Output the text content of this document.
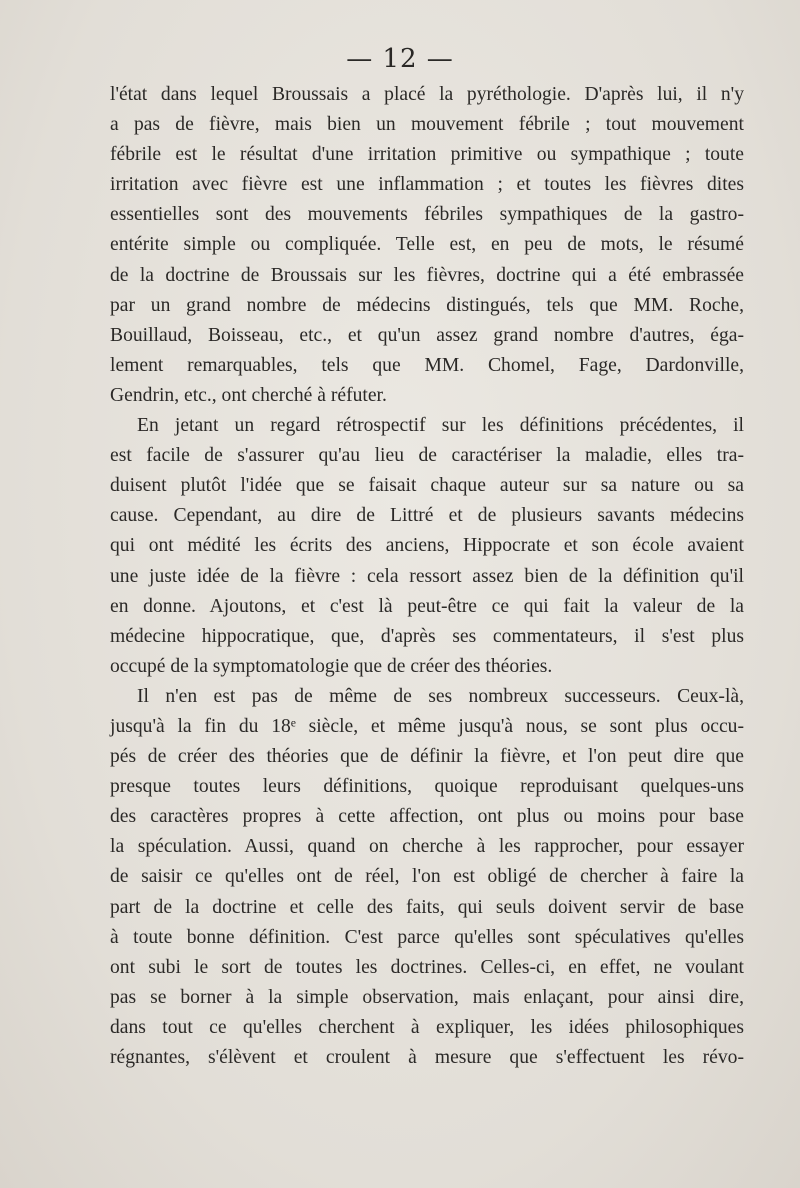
— 12 —

l'état dans lequel Broussais a placé la pyréthologie. D'après lui, il n'y
a pas de fièvre, mais bien un mouvement fébrile ; tout mouvement
fébrile est le résultat d'une irritation primitive ou sympathique ; toute
irritation avec fièvre est une inflammation ; et toutes les fièvres dites
essentielles sont des mouvements fébriles sympathiques de la gastro-
entérite simple ou compliquée. Telle est, en peu de mots, le résumé
de la doctrine de Broussais sur les fièvres, doctrine qui a été embrassée
par un grand nombre de médecins distingués, tels que MM. Roche,
Bouillaud, Boisseau, etc., et qu'un assez grand nombre d'autres, éga-
lement remarquables, tels que MM. Chomel, Fage, Dardonville,
Gendrin, etc., ont cherché à réfuter.

En jetant un regard rétrospectif sur les définitions précédentes, il
est facile de s'assurer qu'au lieu de caractériser la maladie, elles tra-
duisent plutôt l'idée que se faisait chaque auteur sur sa nature ou sa
cause. Cependant, au dire de Littré et de plusieurs savants médecins
qui ont médité les écrits des anciens, Hippocrate et son école avaient
une juste idée de la fièvre : cela ressort assez bien de la définition qu'il
en donne. Ajoutons, et c'est là peut-être ce qui fait la valeur de la
médecine hippocratique, que, d'après ses commentateurs, il s'est plus
occupé de la symptomatologie que de créer des théories.

Il n'en est pas de même de ses nombreux successeurs. Ceux-là,
jusqu'à la fin du 18ᵉ siècle, et même jusqu'à nous, se sont plus occu-
pés de créer des théories que de définir la fièvre, et l'on peut dire que
presque toutes leurs définitions, quoique reproduisant quelques-uns
des caractères propres à cette affection, ont plus ou moins pour base
la spéculation. Aussi, quand on cherche à les rapprocher, pour essayer
de saisir ce qu'elles ont de réel, l'on est obligé de chercher à faire la
part de la doctrine et celle des faits, qui seuls doivent servir de base
à toute bonne définition. C'est parce qu'elles sont spéculatives qu'elles
ont subi le sort de toutes les doctrines. Celles-ci, en effet, ne voulant
pas se borner à la simple observation, mais enlaçant, pour ainsi dire,
dans tout ce qu'elles cherchent à expliquer, les idées philosophiques
régnantes, s'élèvent et croulent à mesure que s'effectuent les révo-
